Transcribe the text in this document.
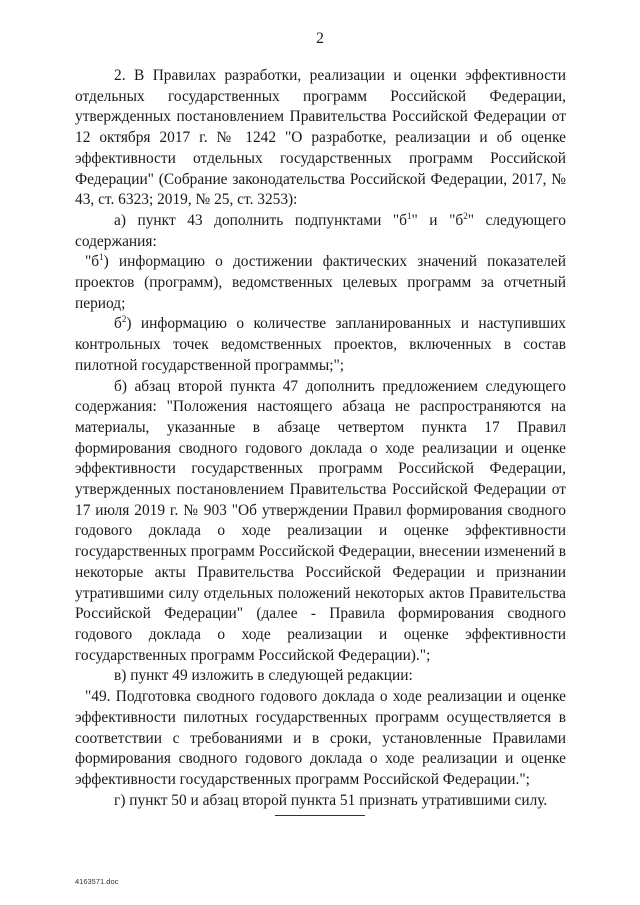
2

2. В Правилах разработки, реализации и оценки эффективности отдельных государственных программ Российской Федерации, утвержденных постановлением Правительства Российской Федерации от 12 октября 2017 г. № 1242 "О разработке, реализации и об оценке эффективности отдельных государственных программ Российской Федерации" (Собрание законодательства Российской Федерации, 2017, № 43, ст. 6323; 2019, № 25, ст. 3253):

а) пункт 43 дополнить подпунктами "$б^1$" и "$б^2$" следующего содержания:

"$б^1$) информацию о достижении фактических значений показателей проектов (программ), ведомственных целевых программ за отчетный период;

$б^2$) информацию о количестве запланированных и наступивших контрольных точек ведомственных проектов, включенных в состав пилотной государственной программы;";

б) абзац второй пункта 47 дополнить предложением следующего содержания: "Положения настоящего абзаца не распространяются на материалы, указанные в абзаце четвертом пункта 17 Правил формирования сводного годового доклада о ходе реализации и оценке эффективности государственных программ Российской Федерации, утвержденных постановлением Правительства Российской Федерации от 17 июля 2019 г. № 903 "Об утверждении Правил формирования сводного годового доклада о ходе реализации и оценке эффективности государственных программ Российской Федерации, внесении изменений в некоторые акты Правительства Российской Федерации и признании утратившими силу отдельных положений некоторых актов Правительства Российской Федерации" (далее - Правила формирования сводного годового доклада о ходе реализации и оценке эффективности государственных программ Российской Федерации).";

в) пункт 49 изложить в следующей редакции:

"49. Подготовка сводного годового доклада о ходе реализации и оценке эффективности пилотных государственных программ осуществляется в соответствии с требованиями и в сроки, установленные Правилами формирования сводного годового доклада о ходе реализации и оценке эффективности государственных программ Российской Федерации.";

г) пункт 50 и абзац второй пункта 51 признать утратившими силу.

4163571.doc
